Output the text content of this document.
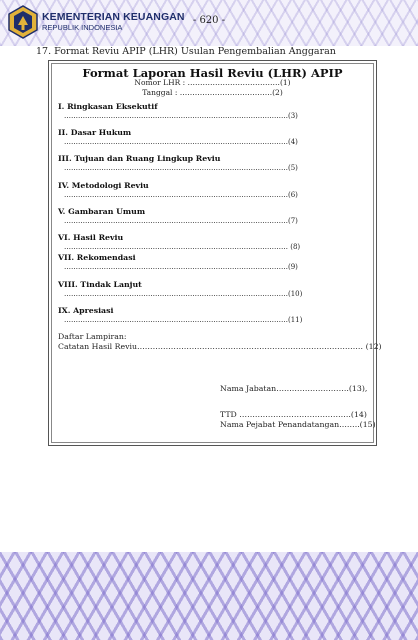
KEMENTERIAN KEUANGAN
REPUBLIK INDONESIA
- 620 -
17. Format Reviu APIP (LHR) Usulan Pengembalian Anggaran
Format Laporan Hasil Reviu (LHR) APIP
Nomor LHR : ……………………………….(1)
Tanggal : ……………………………….(2)
I. Ringkasan Eksekutif
……………………………………………………………………………………(3)
II. Dasar Hukum
……………………………………………………………………………………(4)
III. Tujuan dan Ruang Lingkup Reviu
……………………………………………………………………………………(5)
IV. Metodologi Reviu
……………………………………………………………………………………(6)
V. Gambaran Umum
……………………………………………………………………………………(7)
VI. Hasil Reviu
…………………………………………………………………………………… (8)
VII. Rekomendasi
……………………………………………………………………………………(9)
VIII. Tindak Lanjut
……………………………………………………………………………………(10)
IX. Apresiasi
……………………………………………………………………………………(11)
Daftar Lampiran:
Catatan Hasil Reviu…………………………………………………………………………… (12)
Nama Jabatan……………………….(13),
TTD …………………………………….(14)
Nama Pejabat Penandatangan……..(15)
